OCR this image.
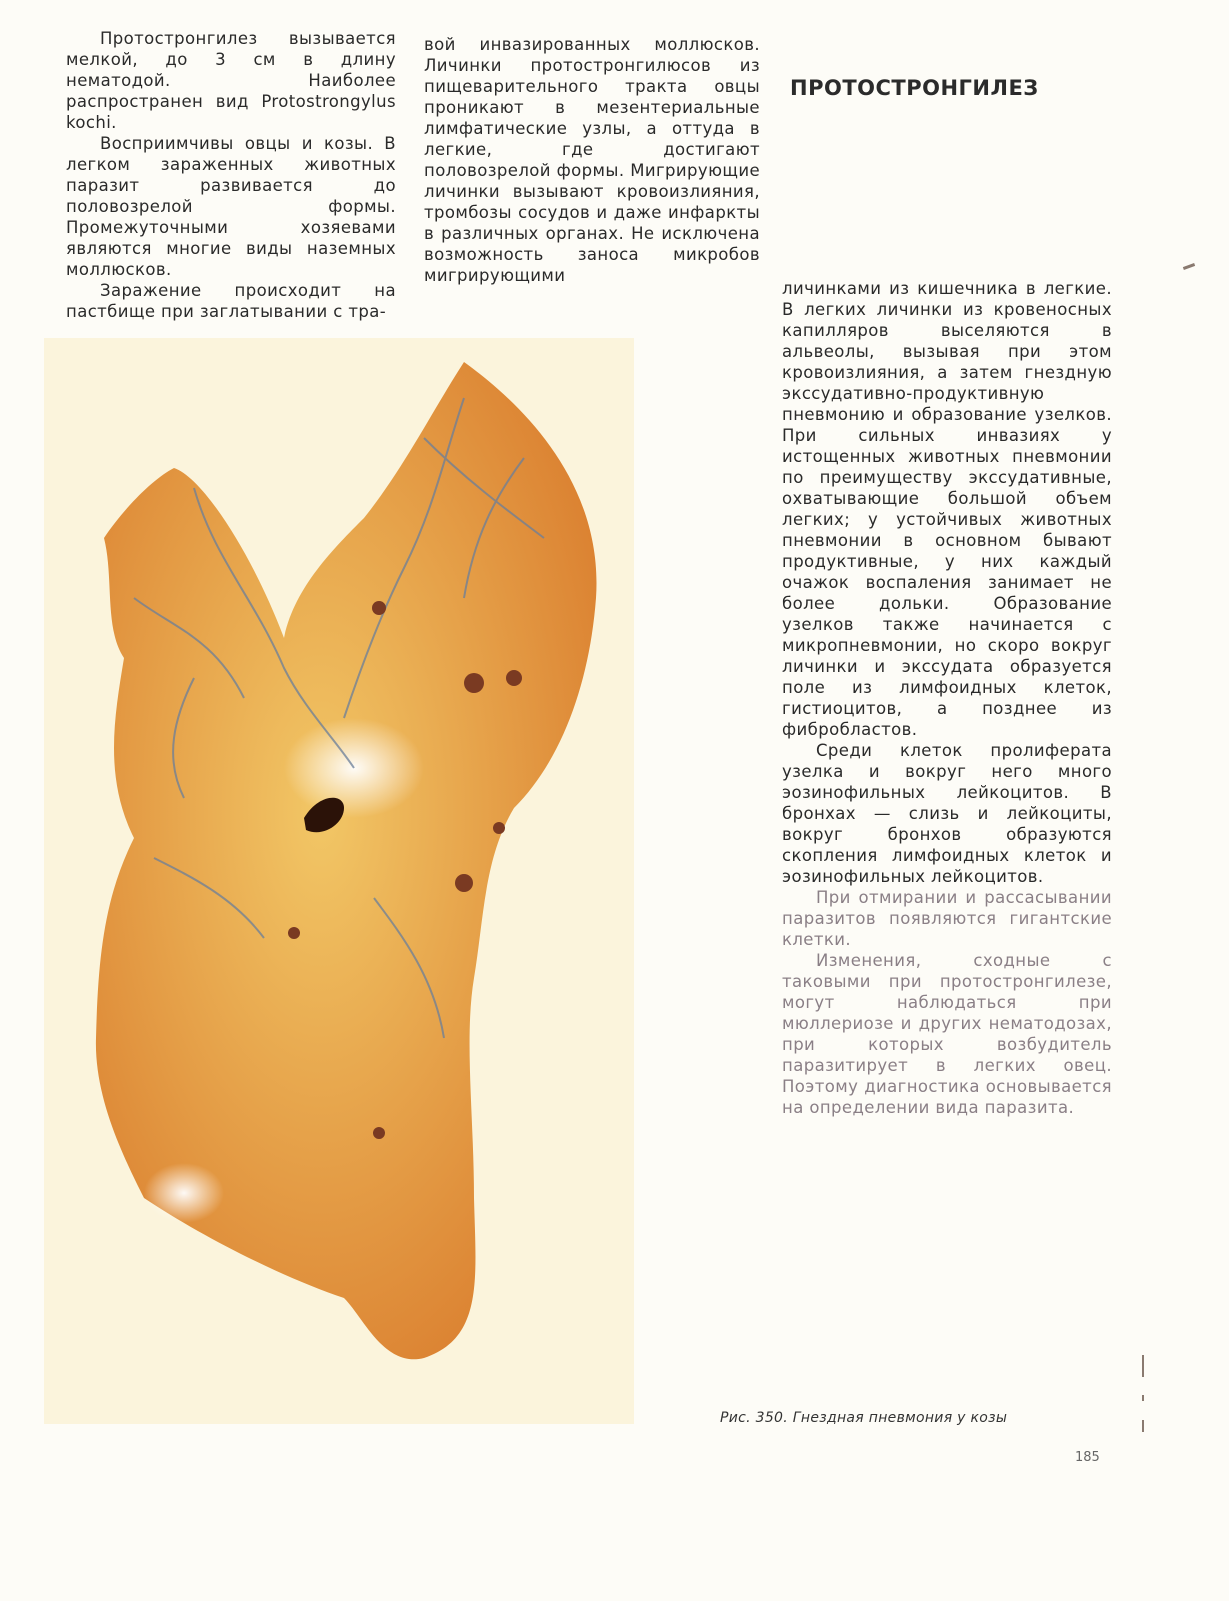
ПРОТОСТРОНГИЛЕЗ

Протостронгилез вызывается мелкой, до 3 см в длину нематодой. Наиболее распространен вид Protostrongylus kochi.

Восприимчивы овцы и козы. В легком зараженных животных паразит развивается до половозрелой формы. Промежуточными хозяевами являются многие виды наземных моллюсков.

Заражение происходит на пастбище при заглатывании с тра-

вой инвазированных моллюсков. Личинки протостронгилюсов из пищеварительного тракта овцы проникают в мезентериальные лимфатические узлы, а оттуда в легкие, где достигают половозрелой формы. Мигрирующие личинки вызывают кровоизлияния, тромбозы сосудов и даже инфаркты в различных органах. Не исключена возможность заноса микробов мигрирующими

личинками из кишечника в легкие. В легких личинки из кровеносных капилляров выселяются в альвеолы, вызывая при этом кровоизлияния, а затем гнездную экссудативно-продуктивную пневмонию и образование узелков. При сильных инвазиях у истощенных животных пневмонии по преимуществу экссудативные, охватывающие большой объем легких; у устойчивых животных пневмонии в основном бывают продуктивные, у них каждый очажок воспаления занимает не более дольки. Образование узелков также начинается с микропневмонии, но скоро вокруг личинки и экссудата образуется поле из лимфоидных клеток, гистиоцитов, а позднее из фибробластов.

Среди клеток пролиферата узелка и вокруг него много эозинофильных лейкоцитов. В бронхах — слизь и лейкоциты, вокруг бронхов образуются скопления лимфоидных клеток и эозинофильных лейкоцитов.

При отмирании и рассасывании паразитов появляются гигантские клетки.

Изменения, сходные с таковыми при протостронгилезе, могут наблюдаться при мюллериозе и других нематодозах, при которых возбудитель паразитирует в легких овец. Поэтому диагностика основывается на определении вида паразита.

Рис. 350. Гнездная пневмония у козы
185
